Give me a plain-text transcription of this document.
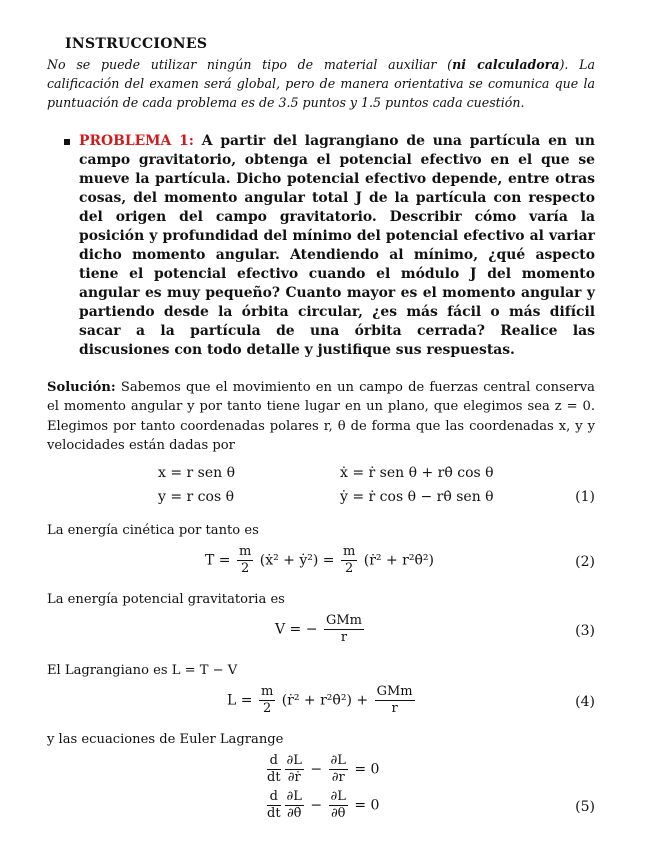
INSTRUCCIONES
No se puede utilizar ningún tipo de material auxiliar (ni calculadora). La calificación del examen será global, pero de manera orientativa se comunica que la puntuación de cada problema es de 3.5 puntos y 1.5 puntos cada cuestión.
PROBLEMA 1: A partir del lagrangiano de una partícula en un campo gravitatorio, obtenga el potencial efectivo en el que se mueve la partícula. Dicho potencial efectivo depende, entre otras cosas, del momento angular total J de la partícula con respecto del origen del campo gravitatorio. Describir cómo varía la posición y profundidad del mínimo del potencial efectivo al variar dicho momento angular. Atendiendo al mínimo, ¿qué aspecto tiene el potencial efectivo cuando el módulo J del momento angular es muy pequeño? Cuanto mayor es el momento angular y partiendo desde la órbita circular, ¿es más fácil o más difícil sacar a la partícula de una órbita cerrada? Realice las discusiones con todo detalle y justifique sus respuestas.
Solución: Sabemos que el movimiento en un campo de fuerzas central conserva el momento angular y por tanto tiene lugar en un plano, que elegimos sea z = 0. Elegimos por tanto coordenadas polares r, θ de forma que las coordenadas x, y y velocidades están dadas por
x = r sen θ	ẋ = ṙ sen θ + rθ̇ cos θ
y = r cos θ	ẏ = ṙ cos θ − rθ̇ sen θ	(1)
La energía cinética por tanto es
$T = \frac{m}{2}$ (ẋ² + ẏ²) = $\frac{m}{2}$ (ṙ² + r²θ̇²)	(2)
La energía potencial gravitatoria es
V = − $\frac{\text{GMm}}{r}$	(3)
El Lagrangiano es L = T − V
$L = \frac{m}{2}$ (ṙ² + r²θ̇²) + $\frac{\text{GMm}}{r}$	(4)
y las ecuaciones de Euler Lagrange
$\frac{d}{dt} \frac{\partial L}{\text{∂ṙ}} - \frac{\partial L}{\partial r} = 0$
$\frac{d}{dt} \frac{\partial L}{\partial\thetȧ} - \frac{\partial L}{\partial\theta} = 0$	(5)
